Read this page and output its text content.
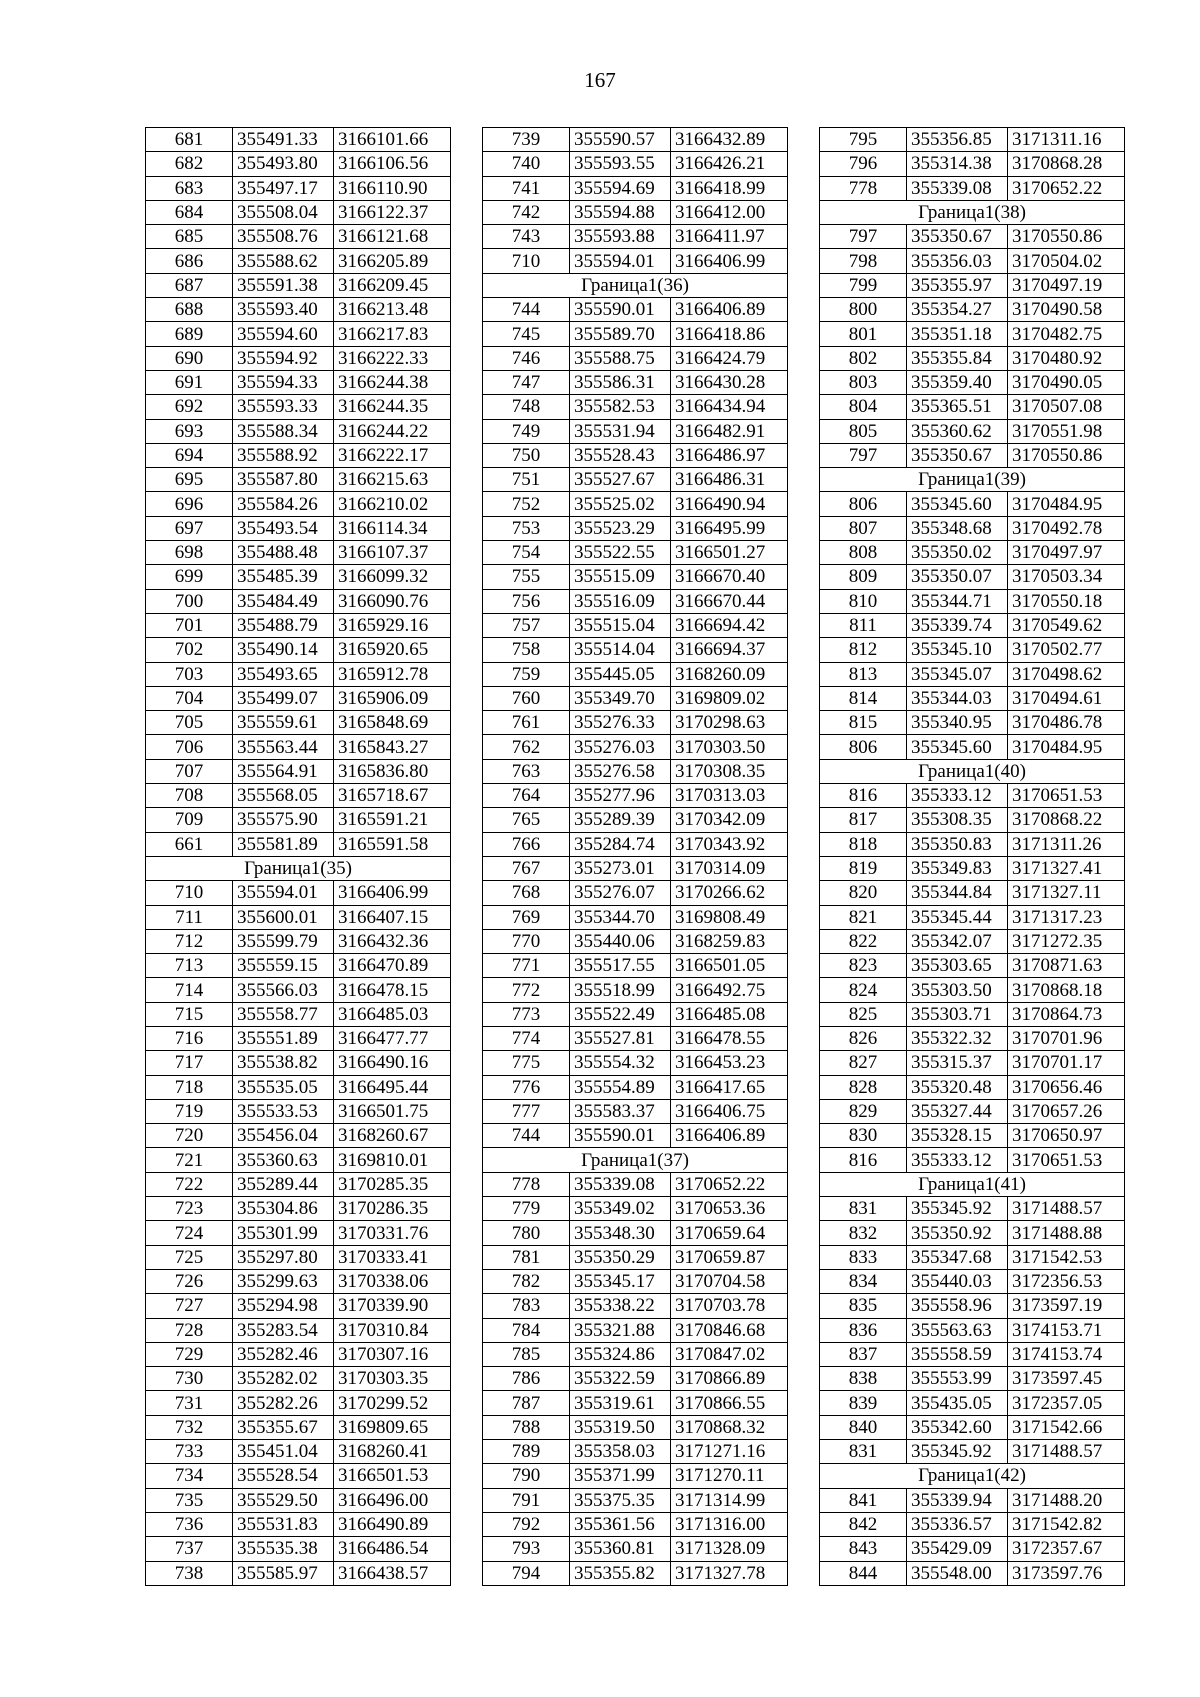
167
681	355491.33	3166101.66
682	355493.80	3166106.56
683	355497.17	3166110.90
684	355508.04	3166122.37
685	355508.76	3166121.68
686	355588.62	3166205.89
687	355591.38	3166209.45
688	355593.40	3166213.48
689	355594.60	3166217.83
690	355594.92	3166222.33
691	355594.33	3166244.38
692	355593.33	3166244.35
693	355588.34	3166244.22
694	355588.92	3166222.17
695	355587.80	3166215.63
696	355584.26	3166210.02
697	355493.54	3166114.34
698	355488.48	3166107.37
699	355485.39	3166099.32
700	355484.49	3166090.76
701	355488.79	3165929.16
702	355490.14	3165920.65
703	355493.65	3165912.78
704	355499.07	3165906.09
705	355559.61	3165848.69
706	355563.44	3165843.27
707	355564.91	3165836.80
708	355568.05	3165718.67
709	355575.90	3165591.21
661	355581.89	3165591.58
Граница1(35)		
710	355594.01	3166406.99
711	355600.01	3166407.15
712	355599.79	3166432.36
713	355559.15	3166470.89
714	355566.03	3166478.15
715	355558.77	3166485.03
716	355551.89	3166477.77
717	355538.82	3166490.16
718	355535.05	3166495.44
719	355533.53	3166501.75
720	355456.04	3168260.67
721	355360.63	3169810.01
722	355289.44	3170285.35
723	355304.86	3170286.35
724	355301.99	3170331.76
725	355297.80	3170333.41
726	355299.63	3170338.06
727	355294.98	3170339.90
728	355283.54	3170310.84
729	355282.46	3170307.16
730	355282.02	3170303.35
731	355282.26	3170299.52
732	355355.67	3169809.65
733	355451.04	3168260.41
734	355528.54	3166501.53
735	355529.50	3166496.00
736	355531.83	3166490.89
737	355535.38	3166486.54
738	355585.97	3166438.57
739	355590.57	3166432.89
740	355593.55	3166426.21
741	355594.69	3166418.99
742	355594.88	3166412.00
743	355593.88	3166411.97
710	355594.01	3166406.99
Граница1(36)		
744	355590.01	3166406.89
745	355589.70	3166418.86
746	355588.75	3166424.79
747	355586.31	3166430.28
748	355582.53	3166434.94
749	355531.94	3166482.91
750	355528.43	3166486.97
751	355527.67	3166486.31
752	355525.02	3166490.94
753	355523.29	3166495.99
754	355522.55	3166501.27
755	355515.09	3166670.40
756	355516.09	3166670.44
757	355515.04	3166694.42
758	355514.04	3166694.37
759	355445.05	3168260.09
760	355349.70	3169809.02
761	355276.33	3170298.63
762	355276.03	3170303.50
763	355276.58	3170308.35
764	355277.96	3170313.03
765	355289.39	3170342.09
766	355284.74	3170343.92
767	355273.01	3170314.09
768	355276.07	3170266.62
769	355344.70	3169808.49
770	355440.06	3168259.83
771	355517.55	3166501.05
772	355518.99	3166492.75
773	355522.49	3166485.08
774	355527.81	3166478.55
775	355554.32	3166453.23
776	355554.89	3166417.65
777	355583.37	3166406.75
744	355590.01	3166406.89
Граница1(37)		
778	355339.08	3170652.22
779	355349.02	3170653.36
780	355348.30	3170659.64
781	355350.29	3170659.87
782	355345.17	3170704.58
783	355338.22	3170703.78
784	355321.88	3170846.68
785	355324.86	3170847.02
786	355322.59	3170866.89
787	355319.61	3170866.55
788	355319.50	3170868.32
789	355358.03	3171271.16
790	355371.99	3171270.11
791	355375.35	3171314.99
792	355361.56	3171316.00
793	355360.81	3171328.09
794	355355.82	3171327.78
795	355356.85	3171311.16
796	355314.38	3170868.28
778	355339.08	3170652.22
Граница1(38)		
797	355350.67	3170550.86
798	355356.03	3170504.02
799	355355.97	3170497.19
800	355354.27	3170490.58
801	355351.18	3170482.75
802	355355.84	3170480.92
803	355359.40	3170490.05
804	355365.51	3170507.08
805	355360.62	3170551.98
797	355350.67	3170550.86
Граница1(39)		
806	355345.60	3170484.95
807	355348.68	3170492.78
808	355350.02	3170497.97
809	355350.07	3170503.34
810	355344.71	3170550.18
811	355339.74	3170549.62
812	355345.10	3170502.77
813	355345.07	3170498.62
814	355344.03	3170494.61
815	355340.95	3170486.78
806	355345.60	3170484.95
Граница1(40)		
816	355333.12	3170651.53
817	355308.35	3170868.22
818	355350.83	3171311.26
819	355349.83	3171327.41
820	355344.84	3171327.11
821	355345.44	3171317.23
822	355342.07	3171272.35
823	355303.65	3170871.63
824	355303.50	3170868.18
825	355303.71	3170864.73
826	355322.32	3170701.96
827	355315.37	3170701.17
828	355320.48	3170656.46
829	355327.44	3170657.26
830	355328.15	3170650.97
816	355333.12	3170651.53
Граница1(41)		
831	355345.92	3171488.57
832	355350.92	3171488.88
833	355347.68	3171542.53
834	355440.03	3172356.53
835	355558.96	3173597.19
836	355563.63	3174153.71
837	355558.59	3174153.74
838	355553.99	3173597.45
839	355435.05	3172357.05
840	355342.60	3171542.66
831	355345.92	3171488.57
Граница1(42)		
841	355339.94	3171488.20
842	355336.57	3171542.82
843	355429.09	3172357.67
844	355548.00	3173597.76
